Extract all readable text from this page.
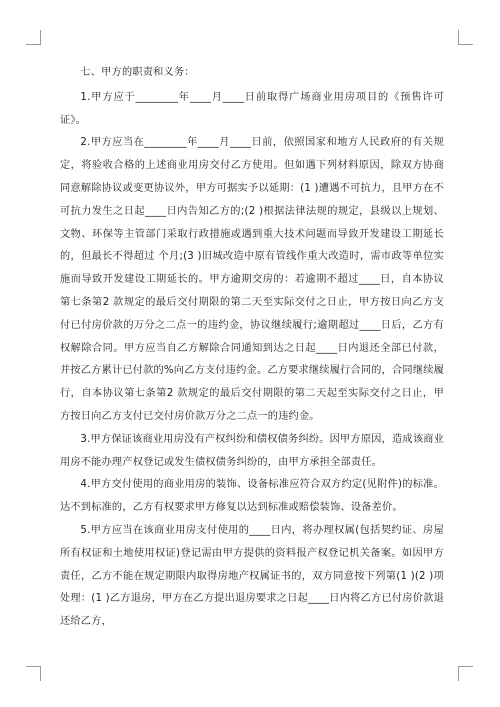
七、甲方的职责和义务：

1.甲方应于________年____月____日前取得广场商业用房项目的《预售许可证》。

2.甲方应当在________年____月____日前，依照国家和地方人民政府的有关规定，将验收合格的上述商业用房交付乙方使用。但如遇下列材料原因，除双方协商同意解除协议或变更协议外，甲方可据实予以延期：(1 )遭遇不可抗力，且甲方在不可抗力发生之日起____日内告知乙方的;(2 )根据法律法规的规定，县级以上规划、文物、环保等主管部门采取行政措施或遇到重大技术问题而导致开发建设工期延长的，但最长不得超过 个月;(3 )旧城改造中原有管线作重大改造时，需市政等单位实施而导致开发建设工期延长的。甲方逾期交房的：若逾期不超过____日，自本协议第七条第2 款规定的最后交付期限的第二天至实际交付之日止，甲方按日向乙方支付已付房价款的万分之二点一的违约金，协议继续履行;逾期超过____日后，乙方有权解除合同。甲方应当自乙方解除合同通知到达之日起____日内退还全部已付款，并按乙方累计已付款的%向乙方支付违约金。乙方要求继续履行合同的，合同继续履行，自本协议第七条第2 款规定的最后交付期限的第二天起至实际交付之日止，甲方按日向乙方支付已交付房价款万分之二点一的违约金。

3.甲方保证该商业用房没有产权纠纷和债权债务纠纷。因甲方原因，造成该商业用房不能办理产权登记或发生债权债务纠纷的，由甲方承担全部责任。

4.甲方交付使用的商业用房的装饰、设备标准应符合双方约定(见附件)的标准。达不到标准的，乙方有权要求甲方修复以达到标准或赔偿装饰、设备差价。

5.甲方应当在该商业用房支付使用的____日内，将办理权属(包括契约证、房屋所有权证和土地使用权证)登记需由甲方提供的资料报产权登记机关备案。如因甲方责任，乙方不能在规定期限内取得房地产权属证书的，双方同意按下列第(1 )(2 )项处理：(1 )乙方退房，甲方在乙方提出退房要求之日起____日内将乙方已付房价款退还给乙方，
